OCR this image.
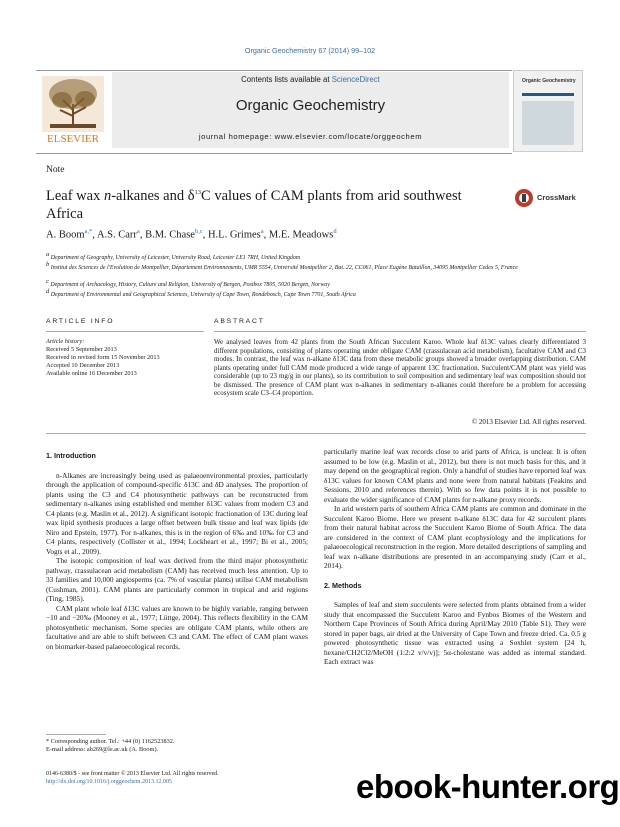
Organic Geochemistry 67 (2014) 99–102
ELSEVIER
Contents lists available at ScienceDirect
Organic Geochemistry
journal homepage: www.elsevier.com/locate/orggeochem
Organic Geochemistry
Note
Leaf wax n-alkanes and $\delta^{13}C$ values of CAM plants from arid southwest Africa
CrossMark
A. Boom$^{a,*}$, A.S. Carr$^a$, B.M. Chase$^{b,c}$, H.L. Grimes$^a$, M.E. Meadows$^d$
$^a$ Department of Geography, University of Leicester, University Road, Leicester LE1 7RH, United Kingdom
$^b$ Institut des Sciences de l'Evolution de Montpellier, Département Environnements, UMR 5554, Université Montpellier 2, Bat. 22, CC061, Place Eugène Bataillon, 34095 Montpellier Cedex 5, France
$^c$ Department of Archaeology, History, Culture and Religion, University of Bergen, Postbox 7805, 5020 Bergen, Norway
$^d$ Department of Environmental and Geographical Sciences, University of Cape Town, Rondebosch, Cape Town 7701, South Africa
ARTICLE INFO	ABSTRACT
Article history:
Received 5 September 2013
Received in revised form 15 November 2013
Accepted 10 December 2013
Available online 16 December 2013
We analysed leaves from 42 plants from the South African Succulent Karoo. Whole leaf δ13C values clearly differentiated 3 different populations, consisting of plants operating under obligate CAM (crassulacean acid metabolism), facultative CAM and C3 modes. In contrast, the leaf wax n-alkane δ13C data from these metabolic groups showed a broader overlapping distribution. CAM plants operating under full CAM mode produced a wide range of apparent 13C fractionation. Succulent/CAM plant wax yield was considerable (up to 23 mg/g in our plants), so its contribution to soil composition and sedimentary leaf wax composition should not be dismissed. The presence of CAM plant wax n-alkanes in sedimentary n-alkanes could therefore be a problem for accessing ecosystem scale C3–C4 proportion.
© 2013 Elsevier Ltd. All rights reserved.

1. Introduction

n-Alkanes are increasingly being used as palaeoenvironmental proxies, particularly through the application of compound-specific δ13C and δD analyses. The proportion of plants using the C3 and C4 photosynthetic pathways can be reconstructed from sedimentary n-alkanes using established end member δ13C values from modern C3 and C4 plants (e.g. Maslin et al., 2012). A significant isotopic fractionation of 13C during leaf wax lipid synthesis produces a large offset between bulk tissue and leaf wax lipids (de Niro and Epstein, 1977). For n-alkanes, this is in the region of 6‰ and 10‰ for C3 and C4 plants, respectively (Collister et al., 1994; Lockheart et al., 1997; Bi et al., 2005; Vogts et al., 2009).

The isotopic composition of leaf wax derived from the third major photosynthetic pathway, crassulacean acid metabolism (CAM) has received much less attention. Up to 33 families and 10,000 angiosperms (ca. 7% of vascular plants) utilise CAM metabolism (Cushman, 2001). CAM plants are particularly common in tropical and arid regions (Ting, 1985).

CAM plant whole leaf δ13C values are known to be highly variable, ranging between −10 and −20‰ (Mooney et al., 1977; Lüttge, 2004). This reflects flexibility in the CAM photosynthetic mechanism. Some species are obligate CAM plants, while others are facultative and are able to shift between C3 and CAM. The effect of CAM plant waxes on biomarker-based palaeoecological records,

particularly marine leaf wax records close to arid parts of Africa, is unclear. It is often assumed to be low (e.g. Maslin et al., 2012), but there is not much basis for this, and it may depend on the geographical region. Only a handful of studies have reported leaf wax δ13C values for known CAM plants and none were from natural habitats (Feakins and Sessions, 2010 and references therein). With so few data points it is not possible to evaluate the wider significance of CAM plants for n-alkane proxy records.

In arid western parts of southern Africa CAM plants are common and dominate in the Succulent Karoo Biome. Here we present n-alkane δ13C data for 42 succulent plants from their natural habitat across the Succulent Karoo Biome of South Africa. The data are considered in the context of CAM plant ecophysiology and the implications for palaeoecological reconstruction in the region. More detailed descriptions of sampling and leaf wax n-alkane distributions are presented in an accompanying study (Carr et al., 2014).

2. Methods

Samples of leaf and stem succulents were selected from plants obtained from a wider study that encompassed the Succulent Karoo and Fynbos Biomes of the Western and Northern Cape Provinces of South Africa during April/May 2010 (Table S1). They were stored in paper bags, air dried at the University of Cape Town and freeze dried. Ca. 0.5 g powered photosynthetic tissue was extracted using a Soxhlet system [24 h, hexane/CH2Cl2/MeOH (1:2:2 v/v/v)]; 5α-cholestane was added as internal standard. Each extract was

* Corresponding author. Tel.: +44 (0) 1162523832.
E-mail address: ab269@le.ac.uk (A. Boom).
0146-6380/$ - see front matter © 2013 Elsevier Ltd. All rights reserved.
http://dx.doi.org/10.1016/j.orggeochem.2013.12.005	ebook-hunter.org
